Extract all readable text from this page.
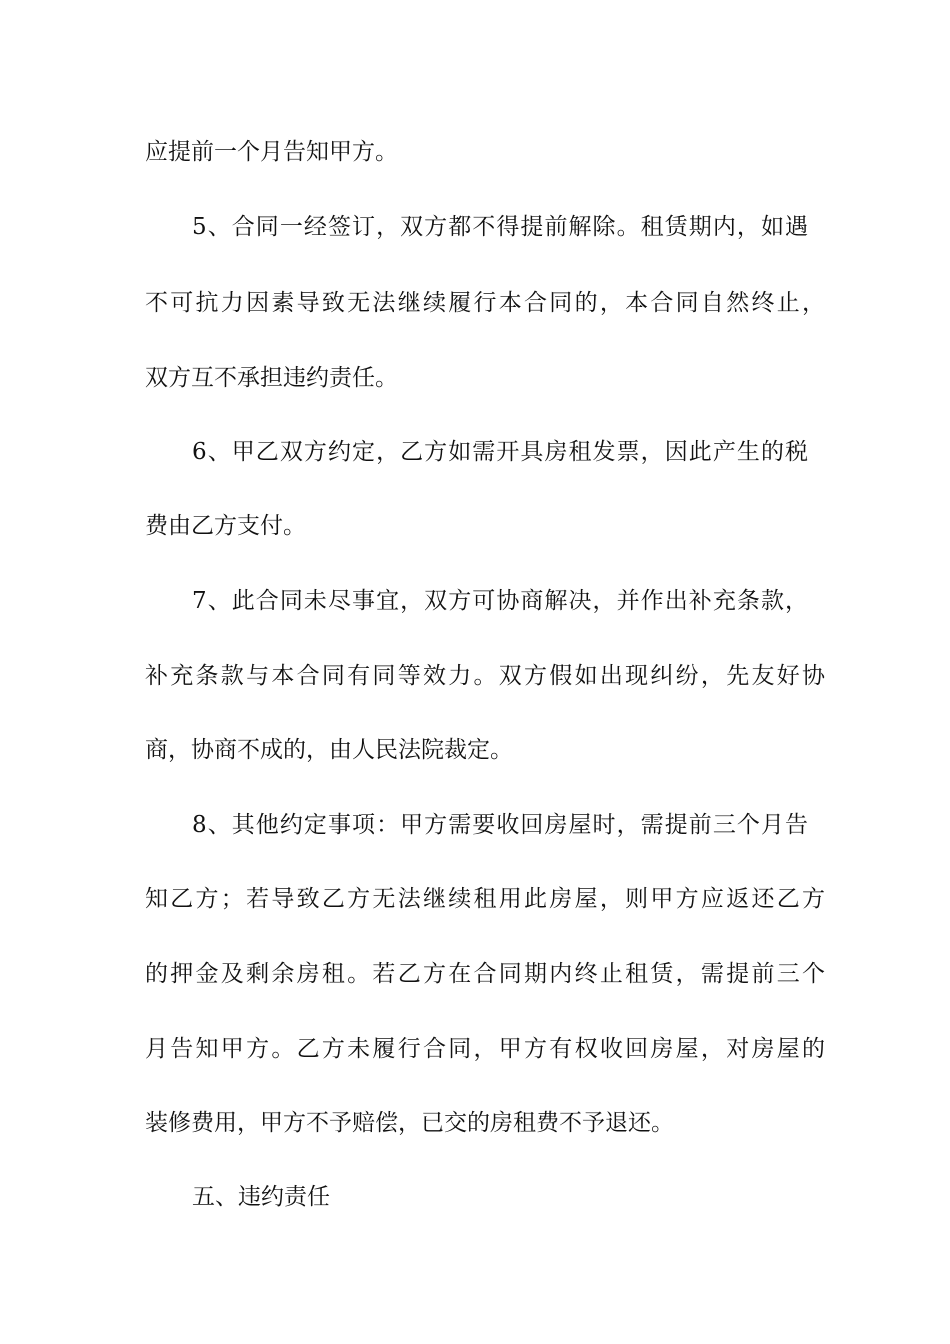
应提前一个月告知甲方。
5、合同一经签订，双方都不得提前解除。租赁期内，如遇
不可抗力因素导致无法继续履行本合同的，本合同自然终止，
双方互不承担违约责任。
6、甲乙双方约定，乙方如需开具房租发票，因此产生的税
费由乙方支付。
7、此合同未尽事宜，双方可协商解决，并作出补充条款，
补充条款与本合同有同等效力。双方假如出现纠纷，先友好协
商，协商不成的，由人民法院裁定。
8、其他约定事项：甲方需要收回房屋时，需提前三个月告
知乙方；若导致乙方无法继续租用此房屋，则甲方应返还乙方
的押金及剩余房租。若乙方在合同期内终止租赁，需提前三个
月告知甲方。乙方未履行合同，甲方有权收回房屋，对房屋的
装修费用，甲方不予赔偿，已交的房租费不予退还。
五、违约责任
